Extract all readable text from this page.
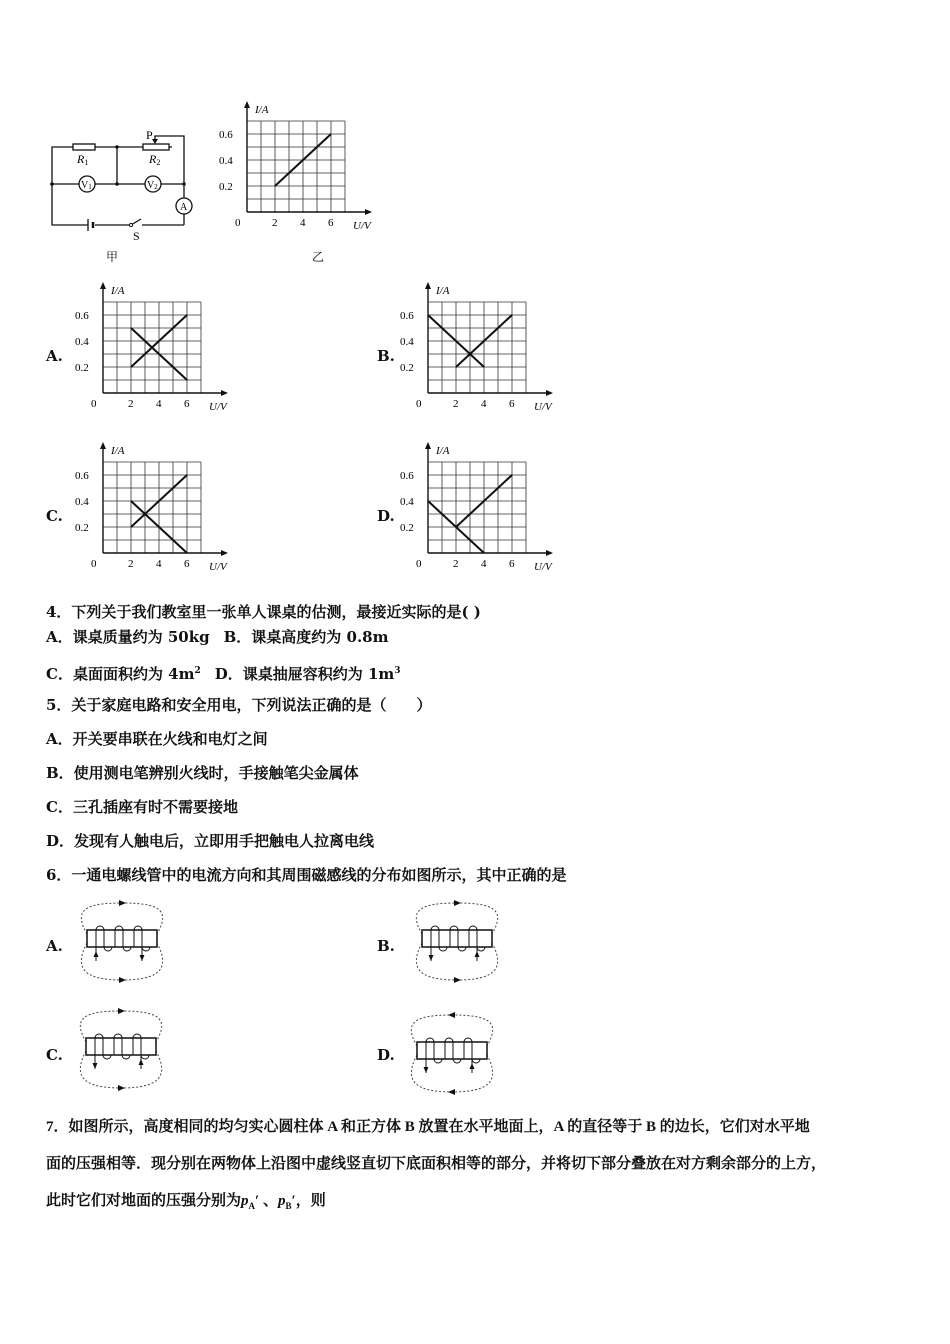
R1	R2
P
V1	V2
A
S
甲	乙
0	2 4 6
0.2
0.4
0.6
U/V
I/A
0	2 4 6
0.2
0.4
0.6
U/V
I/A
0	2 4 6
0.2
0.4
0.6
U/V
I/A
0	2 4 6
0.2
0.4
0.6
U/V
I/A
0	2 4 6
0.2
0.4
0.6
U/V
I/A
A.	B.
C.	D.
4．下列关于我们教室里一张单人课桌的估测，最接近实际的是( )
A．课桌质量约为 50kg B．课桌高度约为 0.8m
C．桌面面积约为 $4m^2$ D．课桌抽屉容积约为 $1m^3$
5．关于家庭电路和安全用电，下列说法正确的是（　　）
A．开关要串联在火线和电灯之间
B．使用测电笔辨别火线时，手接触笔尖金属体
C．三孔插座有时不需要接地
D．发现有人触电后，立即用手把触电人拉离电线
6．一通电螺线管中的电流方向和其周围磁感线的分布如图所示，其中正确的是
A.	B.
C.	D.
7．如图所示，高度相同的均匀实心圆柱体 A 和正方体 B 放置在水平地面上，A 的直径等于 B 的边长，它们对水平地
面的压强相等．现分别在两物体上沿图中虚线竖直切下底面积相等的部分，并将切下部分叠放在对方剩余部分的上方，
此时它们对地面的压强分别为$p_A'$ 、$p_B'$，则
